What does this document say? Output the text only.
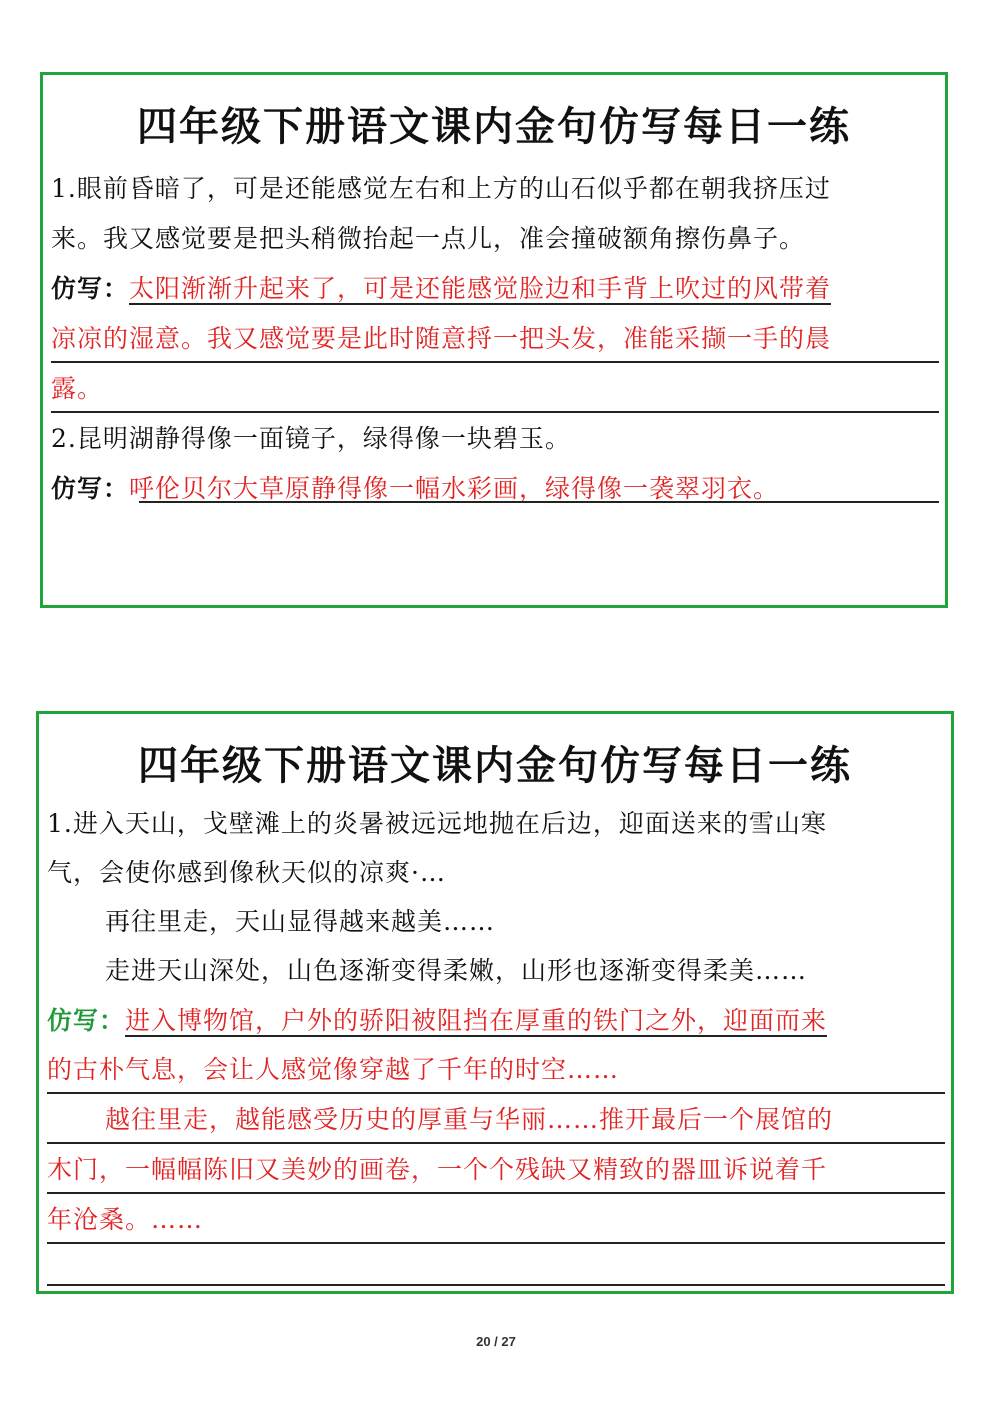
四年级下册语文课内金句仿写每日一练
1.眼前昏暗了，可是还能感觉左右和上方的山石似乎都在朝我挤压过
来。我又感觉要是把头稍微抬起一点儿，准会撞破额角擦伤鼻子。
仿写：太阳渐渐升起来了，可是还能感觉脸边和手背上吹过的风带着
凉凉的湿意。我又感觉要是此时随意捋一把头发，准能采撷一手的晨
露。
2.昆明湖静得像一面镜子，绿得像一块碧玉。
仿写：呼伦贝尔大草原静得像一幅水彩画，绿得像一袭翠羽衣。
四年级下册语文课内金句仿写每日一练
1.进入天山，戈壁滩上的炎暑被远远地抛在后边，迎面送来的雪山寒
气，会使你感到像秋天似的凉爽·…
再往里走，天山显得越来越美……
走进天山深处，山色逐渐变得柔嫩，山形也逐渐变得柔美……
仿写：进入博物馆，户外的骄阳被阻挡在厚重的铁门之外，迎面而来
的古朴气息，会让人感觉像穿越了千年的时空……
越往里走，越能感受历史的厚重与华丽……推开最后一个展馆的
木门，一幅幅陈旧又美妙的画卷，一个个残缺又精致的器皿诉说着千
年沧桑。……
20 / 27
